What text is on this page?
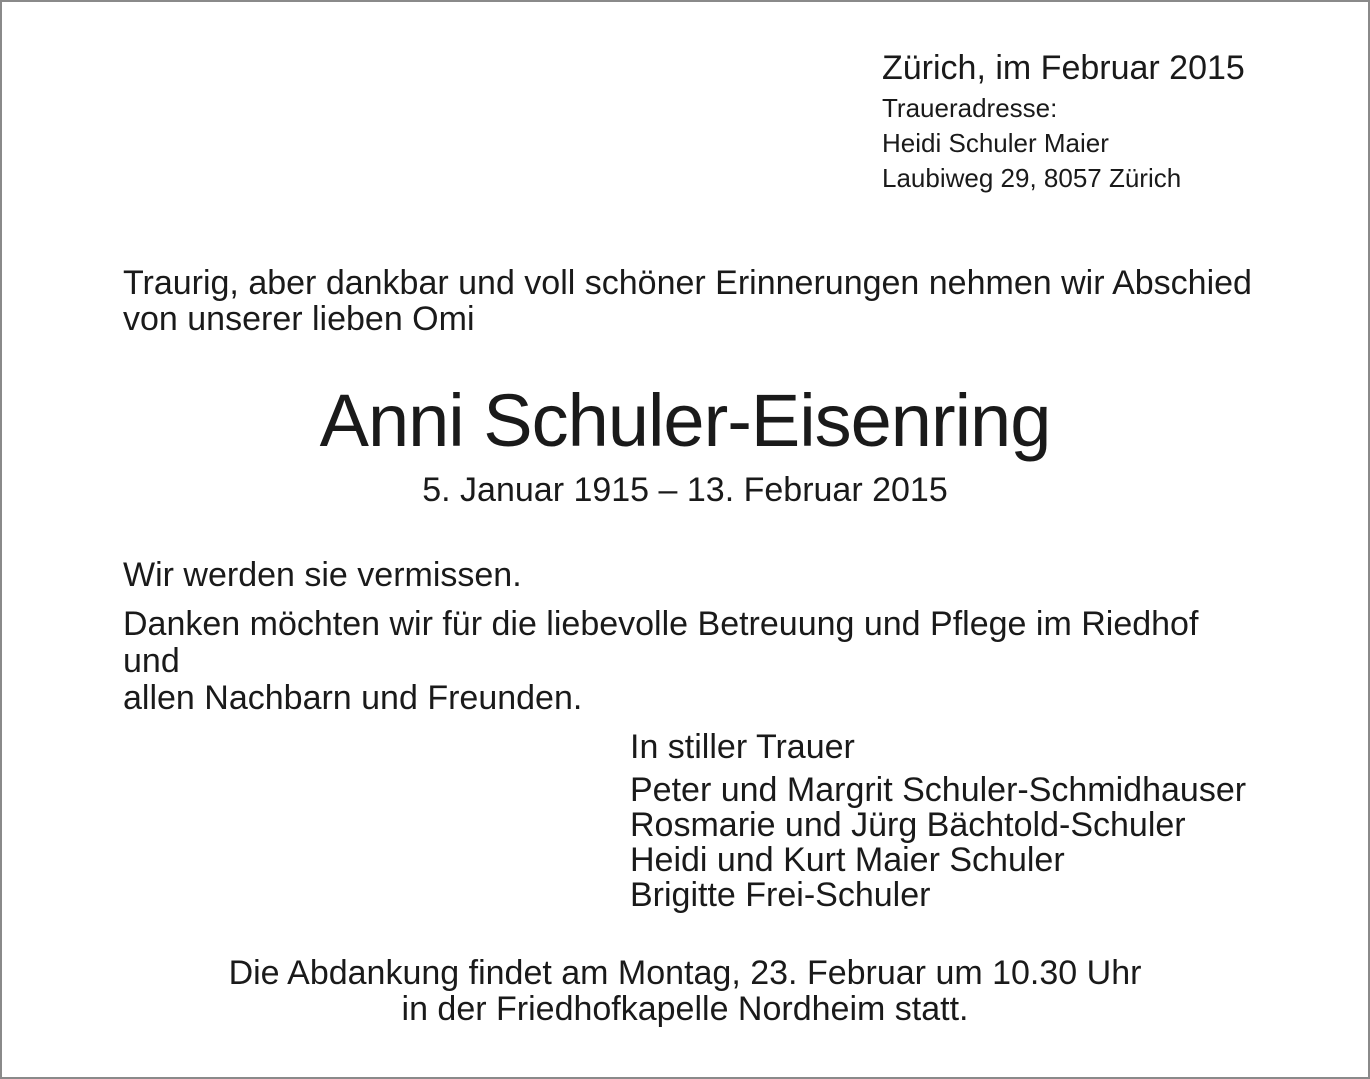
Zürich, im Februar 2015
Traueradresse:
Heidi Schuler Maier
Laubiweg 29, 8057 Zürich
Traurig, aber dankbar und voll schöner Erinnerungen nehmen wir Abschied
von unserer lieben Omi
Anni Schuler-Eisenring
5. Januar 1915 – 13. Februar 2015
Wir werden sie vermissen.
Danken möchten wir für die liebevolle Betreuung und Pflege im Riedhof und
allen Nachbarn und Freunden.
In stiller Trauer
Peter und Margrit Schuler-Schmidhauser
Rosmarie und Jürg Bächtold-Schuler
Heidi und Kurt Maier Schuler
Brigitte Frei-Schuler
Die Abdankung findet am Montag, 23. Februar um 10.30 Uhr
in der Friedhofkapelle Nordheim statt.
